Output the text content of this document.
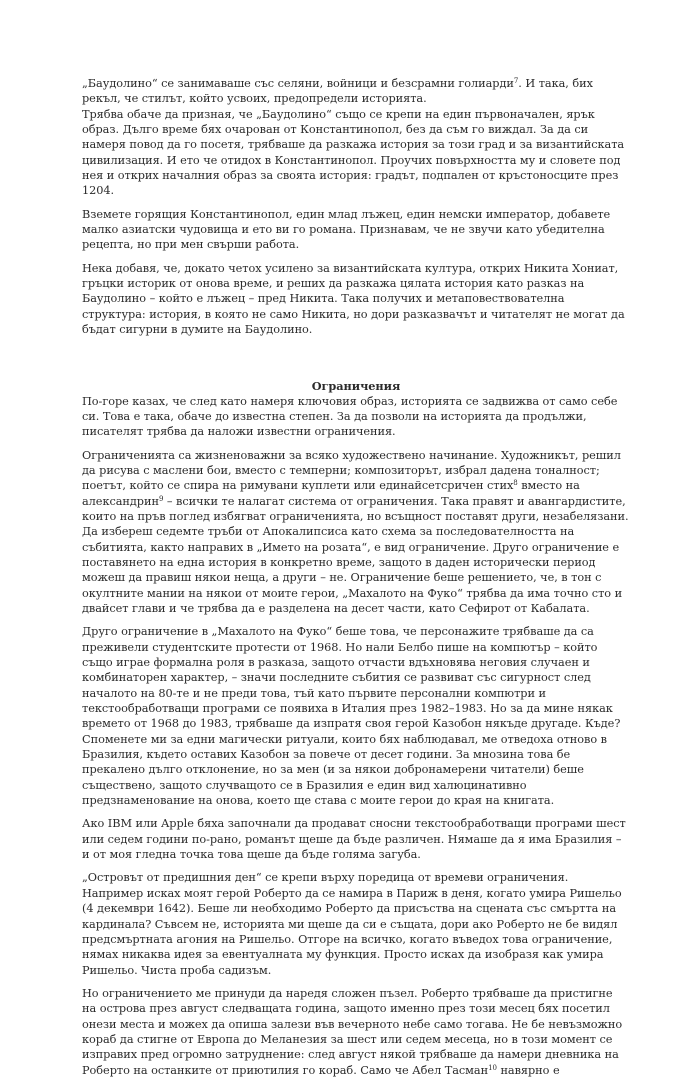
„Баудолино“ се занимаваше със селяни, войници и безсрамни голиарди$^7$. И така, бих рекъл, че стилът, който усвоих, предопредели историята.

Трябва обаче да призная, че „Баудолино“ също се крепи на един първоначален, ярък образ. Дълго време бях очарован от Константинопол, без да съм го виждал. За да си намеря повод да го посетя, трябваше да разкажа история за този град и за византийската цивилизация. И ето че отидох в Константинопол. Проучих повърхността му и словете под нея и открих началния образ за своята история: градът, подпален от кръстоносците през 1204.

Вземете горящия Константинопол, един млад лъжец, един немски император, добавете малко азиатски чудовища и ето ви го романа. Признавам, че не звучи като убедителна рецепта, но при мен свърши работа.

Нека добавя, че, докато четох усилено за византийската култура, открих Никита Хониат, гръцки историк от онова време, и реших да разкажа цялата история като разказ на Баудолино – който е лъжец – пред Никита. Така получих и метаповествователна структура: история, в която не само Никита, но дори разказвачът и читателят не могат да бъдат сигурни в думите на Баудолино.

Ограничения

По-горе казах, че след като намеря ключовия образ, историята се задвижва от само себе си. Това е така, обаче до известна степен. За да позволи на историята да продължи, писателят трябва да наложи известни ограничения.

Ограниченията са жизненоважни за всяко художествено начинание. Художникът, решил да рисува с маслени бои, вместо с темперни; композиторът, избрал дадена тоналност; поетът, който се спира на римувани куплети или единайсетсричен стих$^8$ вместо на александрин$^9$ – всички те налагат система от ограничения. Така правят и авангардистите, които на пръв поглед избягват ограниченията, но всъщност поставят други, незабелязани.

Да избереш седемте тръби от Апокалипсиса като схема за последователността на събитията, както направих в „Името на розата“, е вид ограничение. Друго ограничение е поставянето на една история в конкретно време, защото в даден исторически период можеш да правиш някои неща, а други – не. Ограничение беше решението, че, в тон с окултните мании на някои от моите герои, „Махалото на Фуко“ трябва да има точно сто и двайсет глави и че трябва да е разделена на десет части, като Сефирот от Кабалата.

Друго ограничение в „Махалото на Фуко“ беше това, че персонажите трябваше да са преживели студентските протести от 1968. Но нали Белбо пише на компютър – който също играе формална роля в разказа, защото отчасти вдъхновява неговия случаен и комбинаторен характер, – значи последните събития се развиват със сигурност след началото на 80-те и не преди това, тъй като първите персонални компютри и текстообработващи програми се появиха в Италия през 1982–1983. Но за да мине някак времето от 1968 до 1983, трябваше да изпратя своя герой Казобон някъде другаде. Къде? Споменете ми за едни магически ритуали, които бях наблюдавал, ме отведоха отново в Бразилия, където оставих Казобон за повече от десет години. За мнозина това бе прекалено дълго отклонение, но за мен (и за някои добронамерени читатели) беше съществено, защото случващото се в Бразилия е един вид халюцинативно предзнаменование на онова, което ще става с моите герои до края на книгата.

Ако IBM или Apple бяха започнали да продават сносни текстообработващи програми шест или седем години по-рано, романът щеше да бъде различен. Нямаше да я има Бразилия – и от моя гледна точка това щеше да бъде голяма загуба.

„Островът от предишния ден“ се крепи върху поредица от времеви ограничения. Например исках моят герой Роберто да се намира в Париж в деня, когато умира Ришельо (4 декември 1642). Беше ли необходимо Роберто да присъства на сцената със смъртта на кардинала? Съвсем не, историята ми щеше да си е същата, дори ако Роберто не бе видял предсмъртната агония на Ришельо. Отгоре на всичко, когато въведох това ограничение, нямах никаква идея за евентуалната му функция. Просто исках да изобразя как умира Ришельо. Чиста проба садизъм.

Но ограничението ме принуди да наредя сложен пъзел. Роберто трябваше да пристигне на острова през август следващата година, защото именно през този месец бях посетил онези места и можех да опиша залези във вечерното небе само тогава. Не бе невъзможно кораб да стигне от Европа до Меланезия за шест или седем месеца, но в този момент се изправих пред огромно затруднение: след август някой трябваше да намери дневника на Роберто на останките от приютилия го кораб. Само че Абел Тасман$^{10}$ навярно е
